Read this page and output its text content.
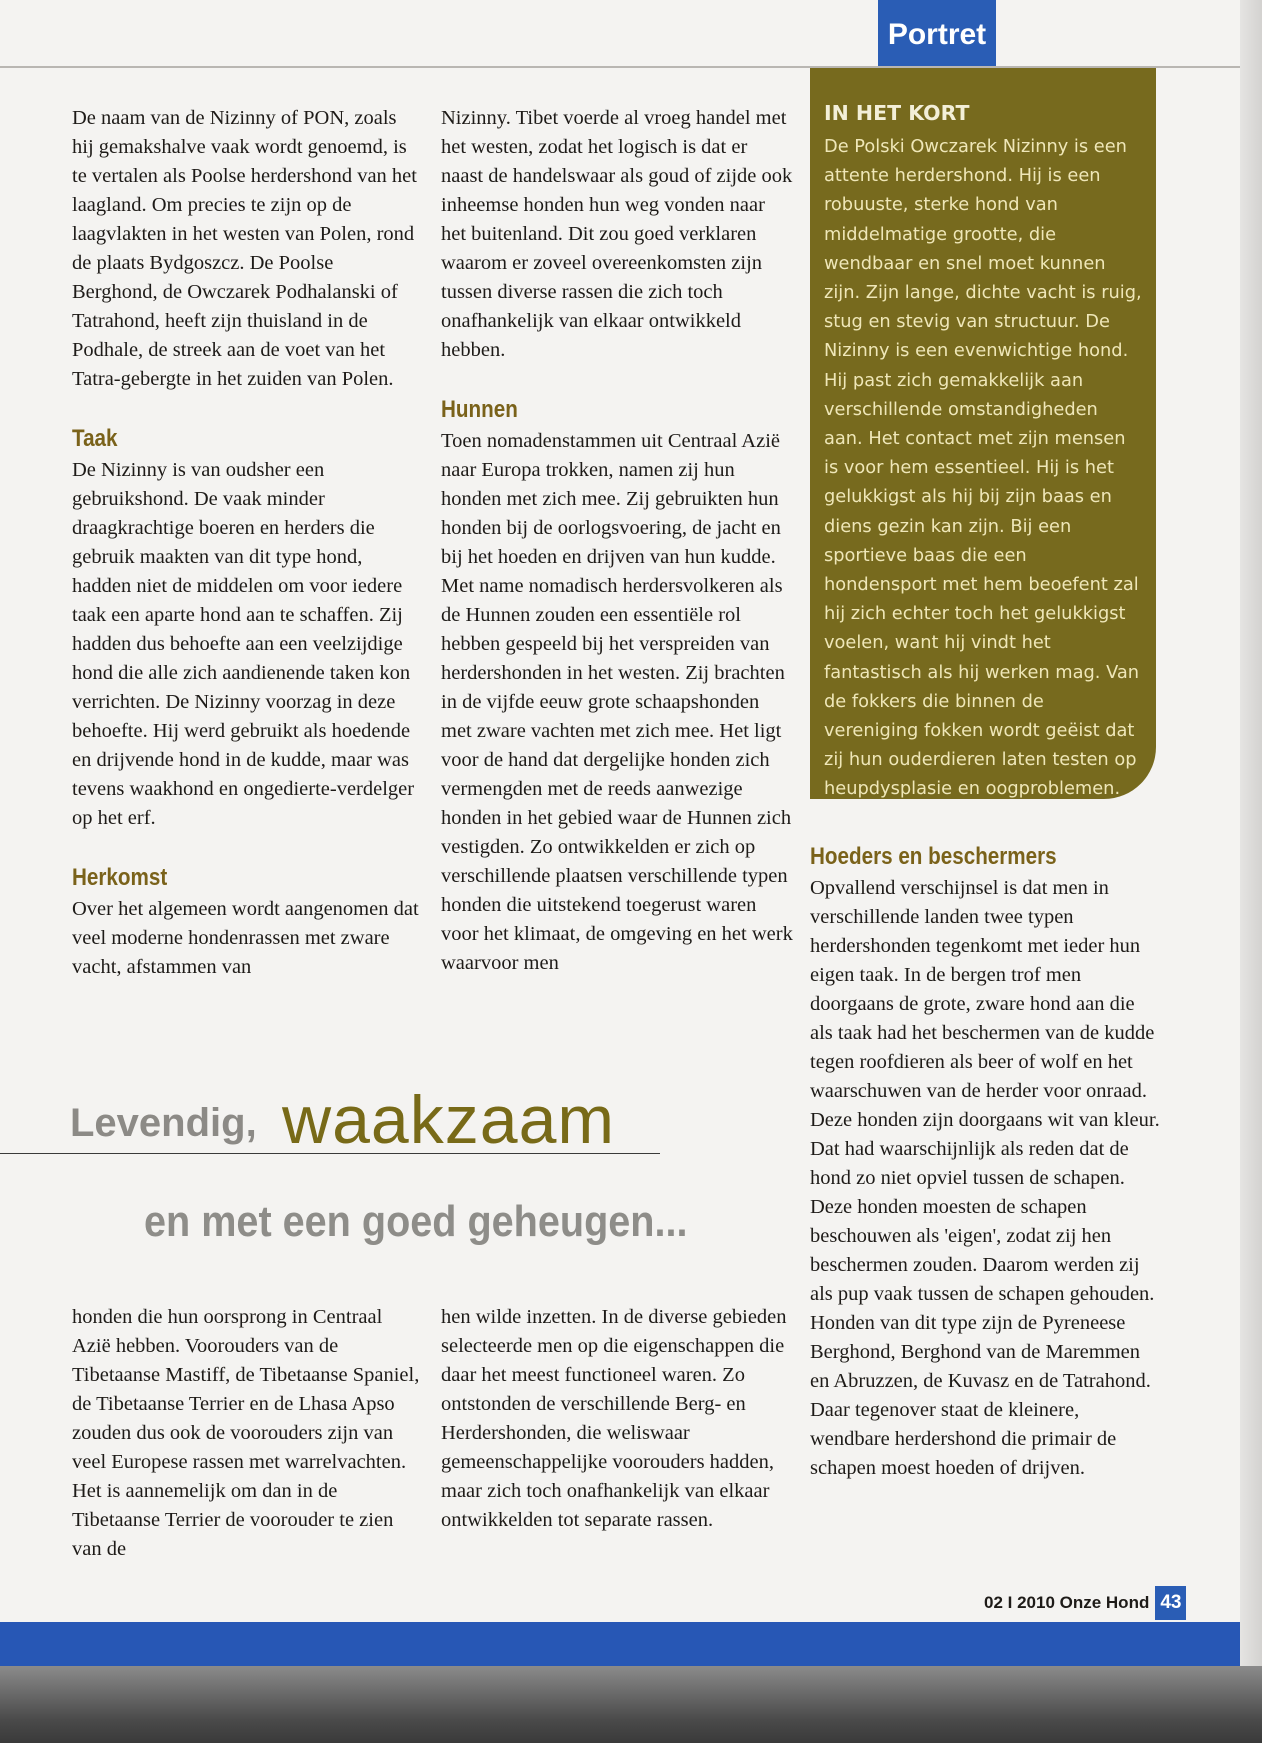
Portret

De naam van de Nizinny of PON, zoals hij gemakshalve vaak wordt genoemd, is te vertalen als Poolse herdershond van het laagland. Om precies te zijn op de laagvlakten in het westen van Polen, rond de plaats Bydgoszcz. De Poolse Berghond, de Owczarek Podhalanski of Tatrahond, heeft zijn thuisland in de Podhale, de streek aan de voet van het Tatra-gebergte in het zuiden van Polen.

Taak

De Nizinny is van oudsher een gebruikshond. De vaak minder draagkrachtige boeren en herders die gebruik maakten van dit type hond, hadden niet de middelen om voor iedere taak een aparte hond aan te schaffen. Zij hadden dus behoefte aan een veelzijdige hond die alle zich aandienende taken kon verrichten. De Nizinny voorzag in deze behoefte. Hij werd gebruikt als hoedende en drijvende hond in de kudde, maar was tevens waakhond en ongedierte-verdelger op het erf.

Herkomst

Over het algemeen wordt aangenomen dat veel moderne hondenrassen met zware vacht, afstammen van

Nizinny. Tibet voerde al vroeg handel met het westen, zodat het logisch is dat er naast de handelswaar als goud of zijde ook inheemse honden hun weg vonden naar het buitenland. Dit zou goed verklaren waarom er zoveel overeenkomsten zijn tussen diverse rassen die zich toch onafhankelijk van elkaar ontwikkeld hebben.

Hunnen

Toen nomadenstammen uit Centraal Azië naar Europa trokken, namen zij hun honden met zich mee. Zij gebruikten hun honden bij de oorlogsvoering, de jacht en bij het hoeden en drijven van hun kudde. Met name nomadisch herdersvolkeren als de Hunnen zouden een essentiële rol hebben gespeeld bij het verspreiden van herdershonden in het westen. Zij brachten in de vijfde eeuw grote schaapshonden met zware vachten met zich mee. Het ligt voor de hand dat dergelijke honden zich vermengden met de reeds aanwezige honden in het gebied waar de Hunnen zich vestigden. Zo ontwikkelden er zich op verschillende plaatsen verschillende typen honden die uitstekend toegerust waren voor het klimaat, de omgeving en het werk waarvoor men

IN HET KORT

De Polski Owczarek Nizinny is een attente herdershond. Hij is een robuuste, sterke hond van middelmatige grootte, die wendbaar en snel moet kunnen zijn. Zijn lange, dichte vacht is ruig, stug en stevig van structuur. De Nizinny is een evenwichtige hond. Hij past zich gemakkelijk aan verschillende omstandigheden aan. Het contact met zijn mensen is voor hem essentieel. Hij is het gelukkigst als hij bij zijn baas en diens gezin kan zijn. Bij een sportieve baas die een hondensport met hem beoefent zal hij zich echter toch het gelukkigst voelen, want hij vindt het fantastisch als hij werken mag. Van de fokkers die binnen de vereniging fokken wordt geëist dat zij hun ouderdieren laten testen op heupdysplasie en oogproblemen.

Hoeders en beschermers

Opvallend verschijnsel is dat men in verschillende landen twee typen herdershonden tegenkomt met ieder hun eigen taak. In de bergen trof men doorgaans de grote, zware hond aan die als taak had het beschermen van de kudde tegen roofdieren als beer of wolf en het waarschuwen van de herder voor onraad. Deze honden zijn doorgaans wit van kleur. Dat had waarschijnlijk als reden dat de hond zo niet opviel tussen de schapen. Deze honden moesten de schapen beschouwen als 'eigen', zodat zij hen beschermen zouden. Daarom werden zij als pup vaak tussen de schapen gehouden. Honden van dit type zijn de Pyreneese Berghond, Berghond van de Maremmen en Abruzzen, de Kuvasz en de Tatrahond.

Daar tegenover staat de kleinere, wendbare herdershond die primair de schapen moest hoeden of drijven.

Levendig, waakzaam
en met een goed geheugen...

honden die hun oorsprong in Centraal Azië hebben. Voorouders van de Tibetaanse Mastiff, de Tibetaanse Spaniel, de Tibetaanse Terrier en de Lhasa Apso zouden dus ook de voorouders zijn van veel Europese rassen met warrelvachten. Het is aannemelijk om dan in de Tibetaanse Terrier de voorouder te zien van de

hen wilde inzetten. In de diverse gebieden selecteerde men op die eigenschappen die daar het meest functioneel waren. Zo ontstonden de verschillende Berg- en Herdershonden, die weliswaar gemeenschappelijke voorouders hadden, maar zich toch onafhankelijk van elkaar ontwikkelden tot separate rassen.

02 I 2010 Onze Hond 43
